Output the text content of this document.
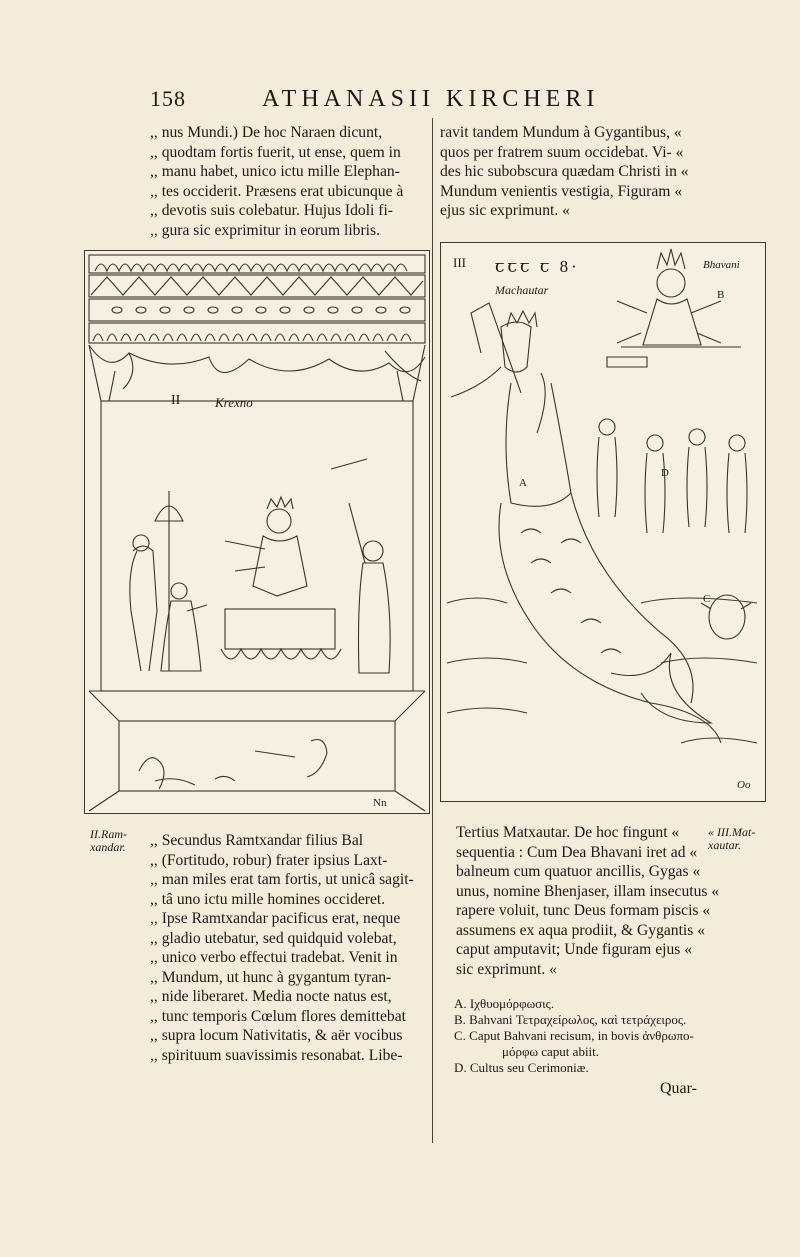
158	ATHANASII KIRCHERI
,, nus Mundi.) De hoc Naraen dicunt,
,, quodtam fortis fuerit, ut ense, quem in
,, manu habet, unico ictu mille Elephan-
,, tes occiderit. Præsens erat ubicunque à
,, devotis suis colebatur. Hujus Idoli fi-
,, gura sic exprimitur in eorum libris.
ravit tandem Mundum à Gygantibus, «
quos per fratrem suum occidebat. Vi- «
des hic subobscura quædam Christi in «
Mundum venientis vestigia, Figuram «
ejus sic exprimunt. «
II	Krexno
Nn
III ꞇꞇꞇ ꞇ 8·
Machautar
Bhavani
A
B
C
D
Oo
II.Ram-
xandar. ,, Secundus Ramtxandar filius Bal
,, (Fortitudo, robur) frater ipsius Laxt-
,, man miles erat tam fortis, ut unicâ sagit-
,, tâ uno ictu mille homines occideret.
,, Ipse Ramtxandar pacificus erat, neque
,, gladio utebatur, sed quidquid volebat,
,, unico verbo effectui tradebat. Venit in
,, Mundum, ut hunc à gygantum tyran-
,, nide liberaret. Media nocte natus est,
,, tunc temporis Cœlum flores demittebat
,, supra locum Nativitatis, & aër vocibus
,, spirituum suavissimis resonabat. Libe-
Tertius Matxautar. De hoc fingunt «
sequentia : Cum Dea Bhavani iret ad «
balneum cum quatuor ancillis, Gygas «
unus, nomine Bhenjaser, illam insecutus «
rapere voluit, tunc Deus formam piscis «
assumens ex aqua prodiit, & Gygantis «
caput amputavit; Unde figuram ejus «
sic exprimunt. «
« III.Mat-
xautar.
A. Ιχθυομόρφωσις.
B. Bahvani Τετραχείρωλος, καὶ τετράχειρος.
C. Caput Bahvani recisum, in bovis ἀνθρωπο-
μόρφω caput abiit.
D. Cultus seu Cerimoniæ.
Quar-
